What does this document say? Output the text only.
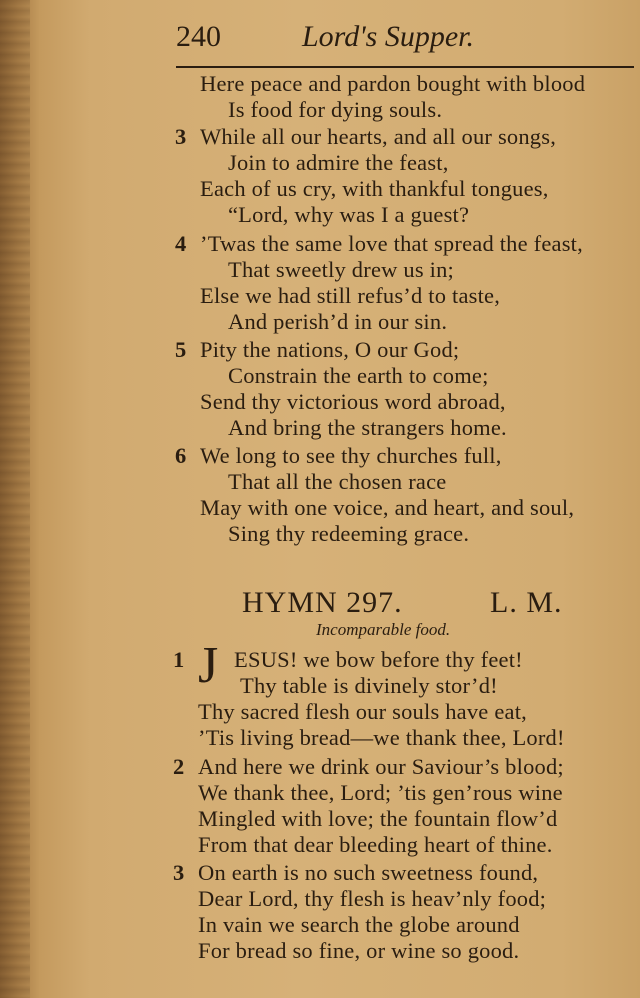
240	Lord's Supper.
Here peace and pardon bought with blood
Is food for dying souls.
3 While all our hearts, and all our songs,
Join to admire the feast,
Each of us cry, with thankful tongues,
“Lord, why was I a guest?
4 ’Twas the same love that spread the feast,
That sweetly drew us in;
Else we had still refus’d to taste,
And perish’d in our sin.
5 Pity the nations, O our God;
Constrain the earth to come;
Send thy victorious word abroad,
And bring the strangers home.
6 We long to see thy churches full,
That all the chosen race
May with one voice, and heart, and soul,
Sing thy redeeming grace.
HYMN 297.	L. M.
Incomparable food.
1 J ESUS! we bow before thy feet!
Thy table is divinely stor’d!
Thy sacred flesh our souls have eat,
’Tis living bread—we thank thee, Lord!
2 And here we drink our Saviour’s blood;
We thank thee, Lord; ’tis gen’rous wine
Mingled with love; the fountain flow’d
From that dear bleeding heart of thine.
3 On earth is no such sweetness found,
Dear Lord, thy flesh is heav’nly food;
In vain we search the globe around
For bread so fine, or wine so good.
